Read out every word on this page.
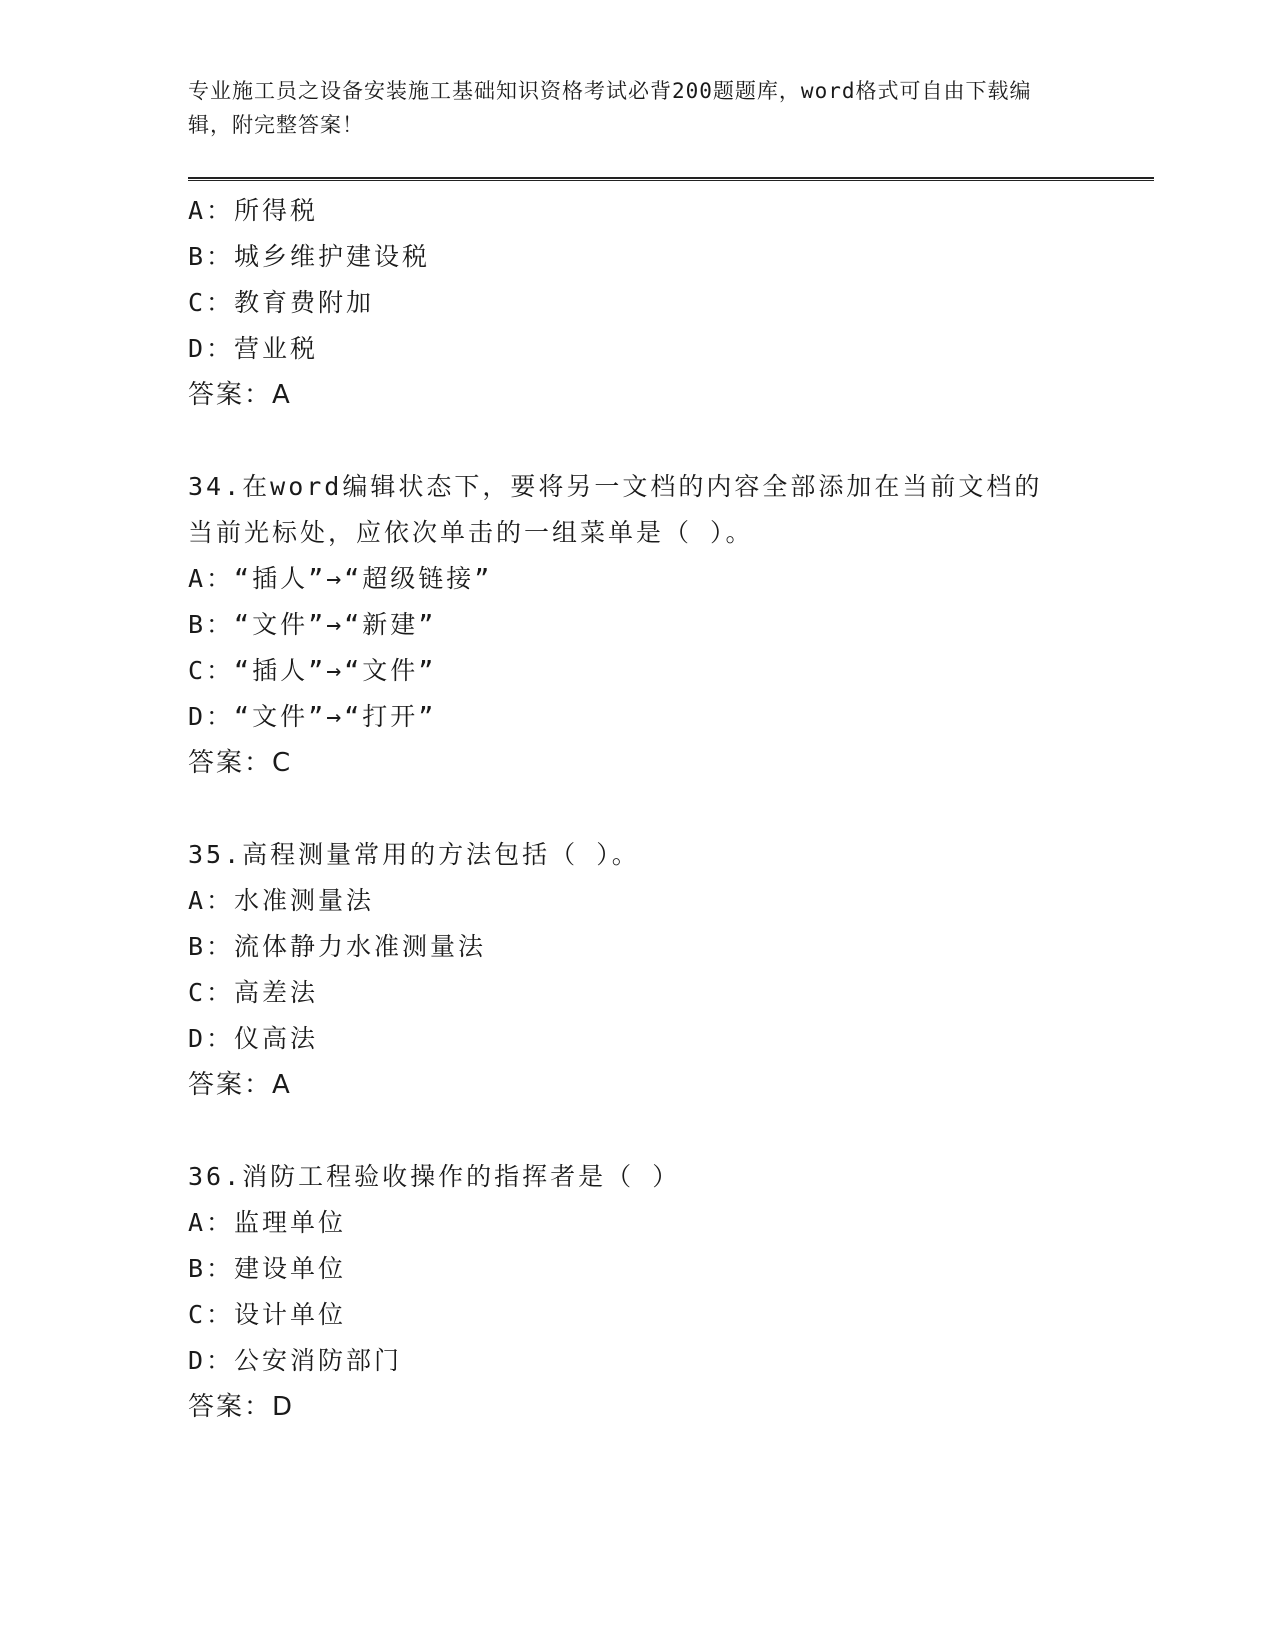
专业施工员之设备安装施工基础知识资格考试必背200题题库，word格式可自由下载编辑，附完整答案！
A：所得税
B：城乡维护建设税
C：教育费附加
D：营业税
答案：A
34.在word编辑状态下，要将另一文档的内容全部添加在当前文档的当前光标处，应依次单击的一组菜单是（ ）。
A：“插人”→“超级链接”
B：“文件”→“新建”
C：“插人”→“文件”
D：“文件”→“打开”
答案：C
35.高程测量常用的方法包括（ ）。
A：水准测量法
B：流体静力水准测量法
C：高差法
D：仪高法
答案：A
36.消防工程验收操作的指挥者是（ ）
A：监理单位
B：建设单位
C：设计单位
D：公安消防部门
答案：D
